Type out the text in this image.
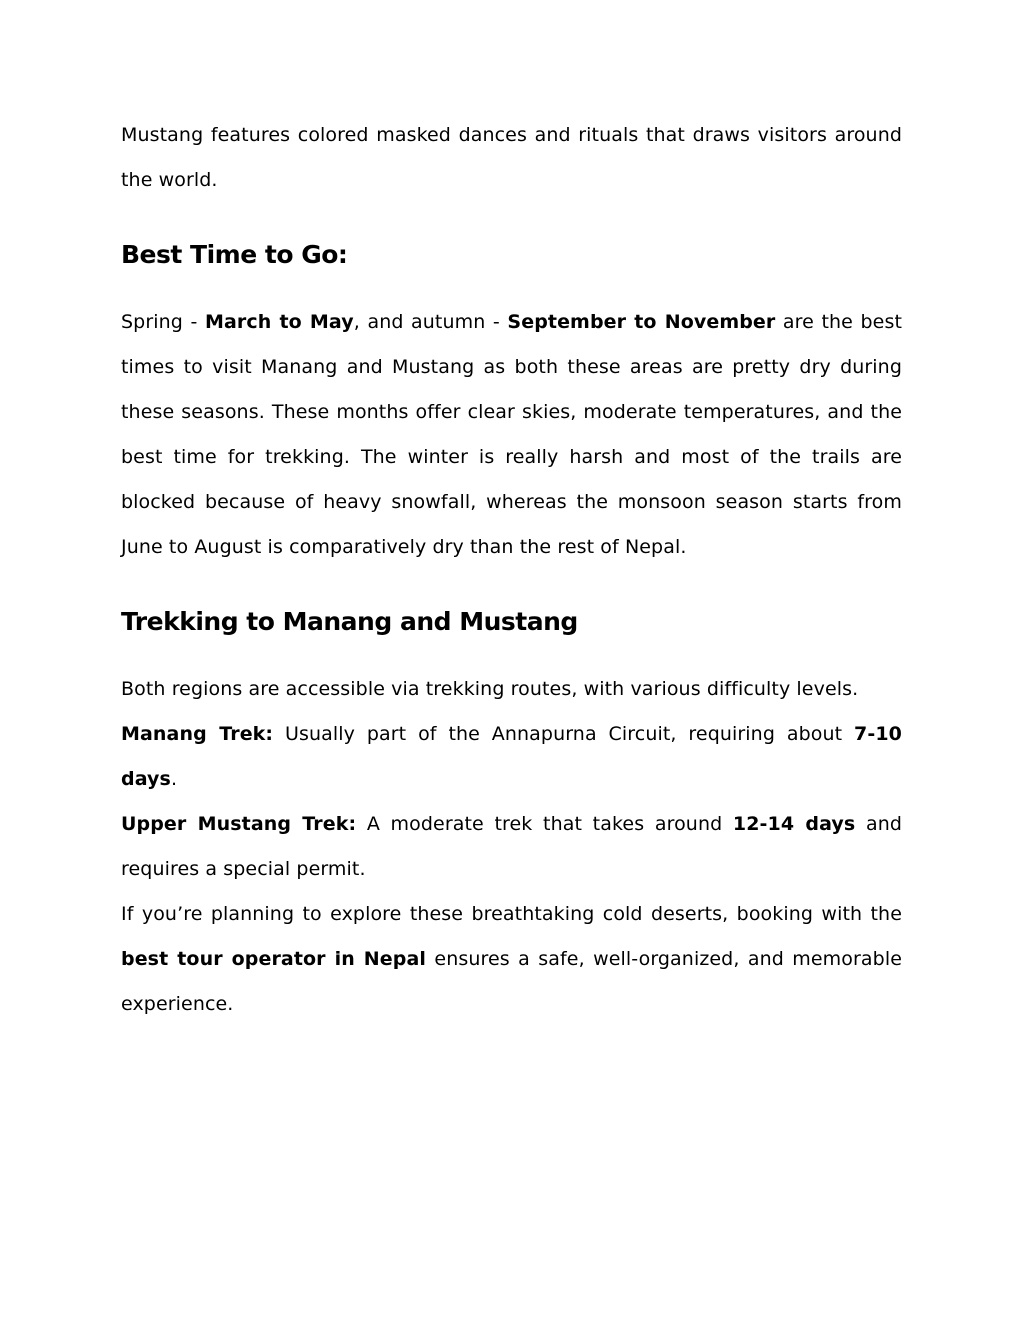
Mustang features colored masked dances and rituals that draws visitors around the world.

Best Time to Go:

Spring - March to May, and autumn - September to November are the best times to visit Manang and Mustang as both these areas are pretty dry during these seasons. These months offer clear skies, moderate temperatures, and the best time for trekking. The winter is really harsh and most of the trails are blocked because of heavy snowfall, whereas the monsoon season starts from June to August is comparatively dry than the rest of Nepal.

Trekking to Manang and Mustang

Both regions are accessible via trekking routes, with various difficulty levels.

Manang Trek: Usually part of the Annapurna Circuit, requiring about 7-10 days.

Upper Mustang Trek: A moderate trek that takes around 12-14 days and requires a special permit.

If you’re planning to explore these breathtaking cold deserts, booking with the best tour operator in Nepal ensures a safe, well-organized, and memorable experience.
